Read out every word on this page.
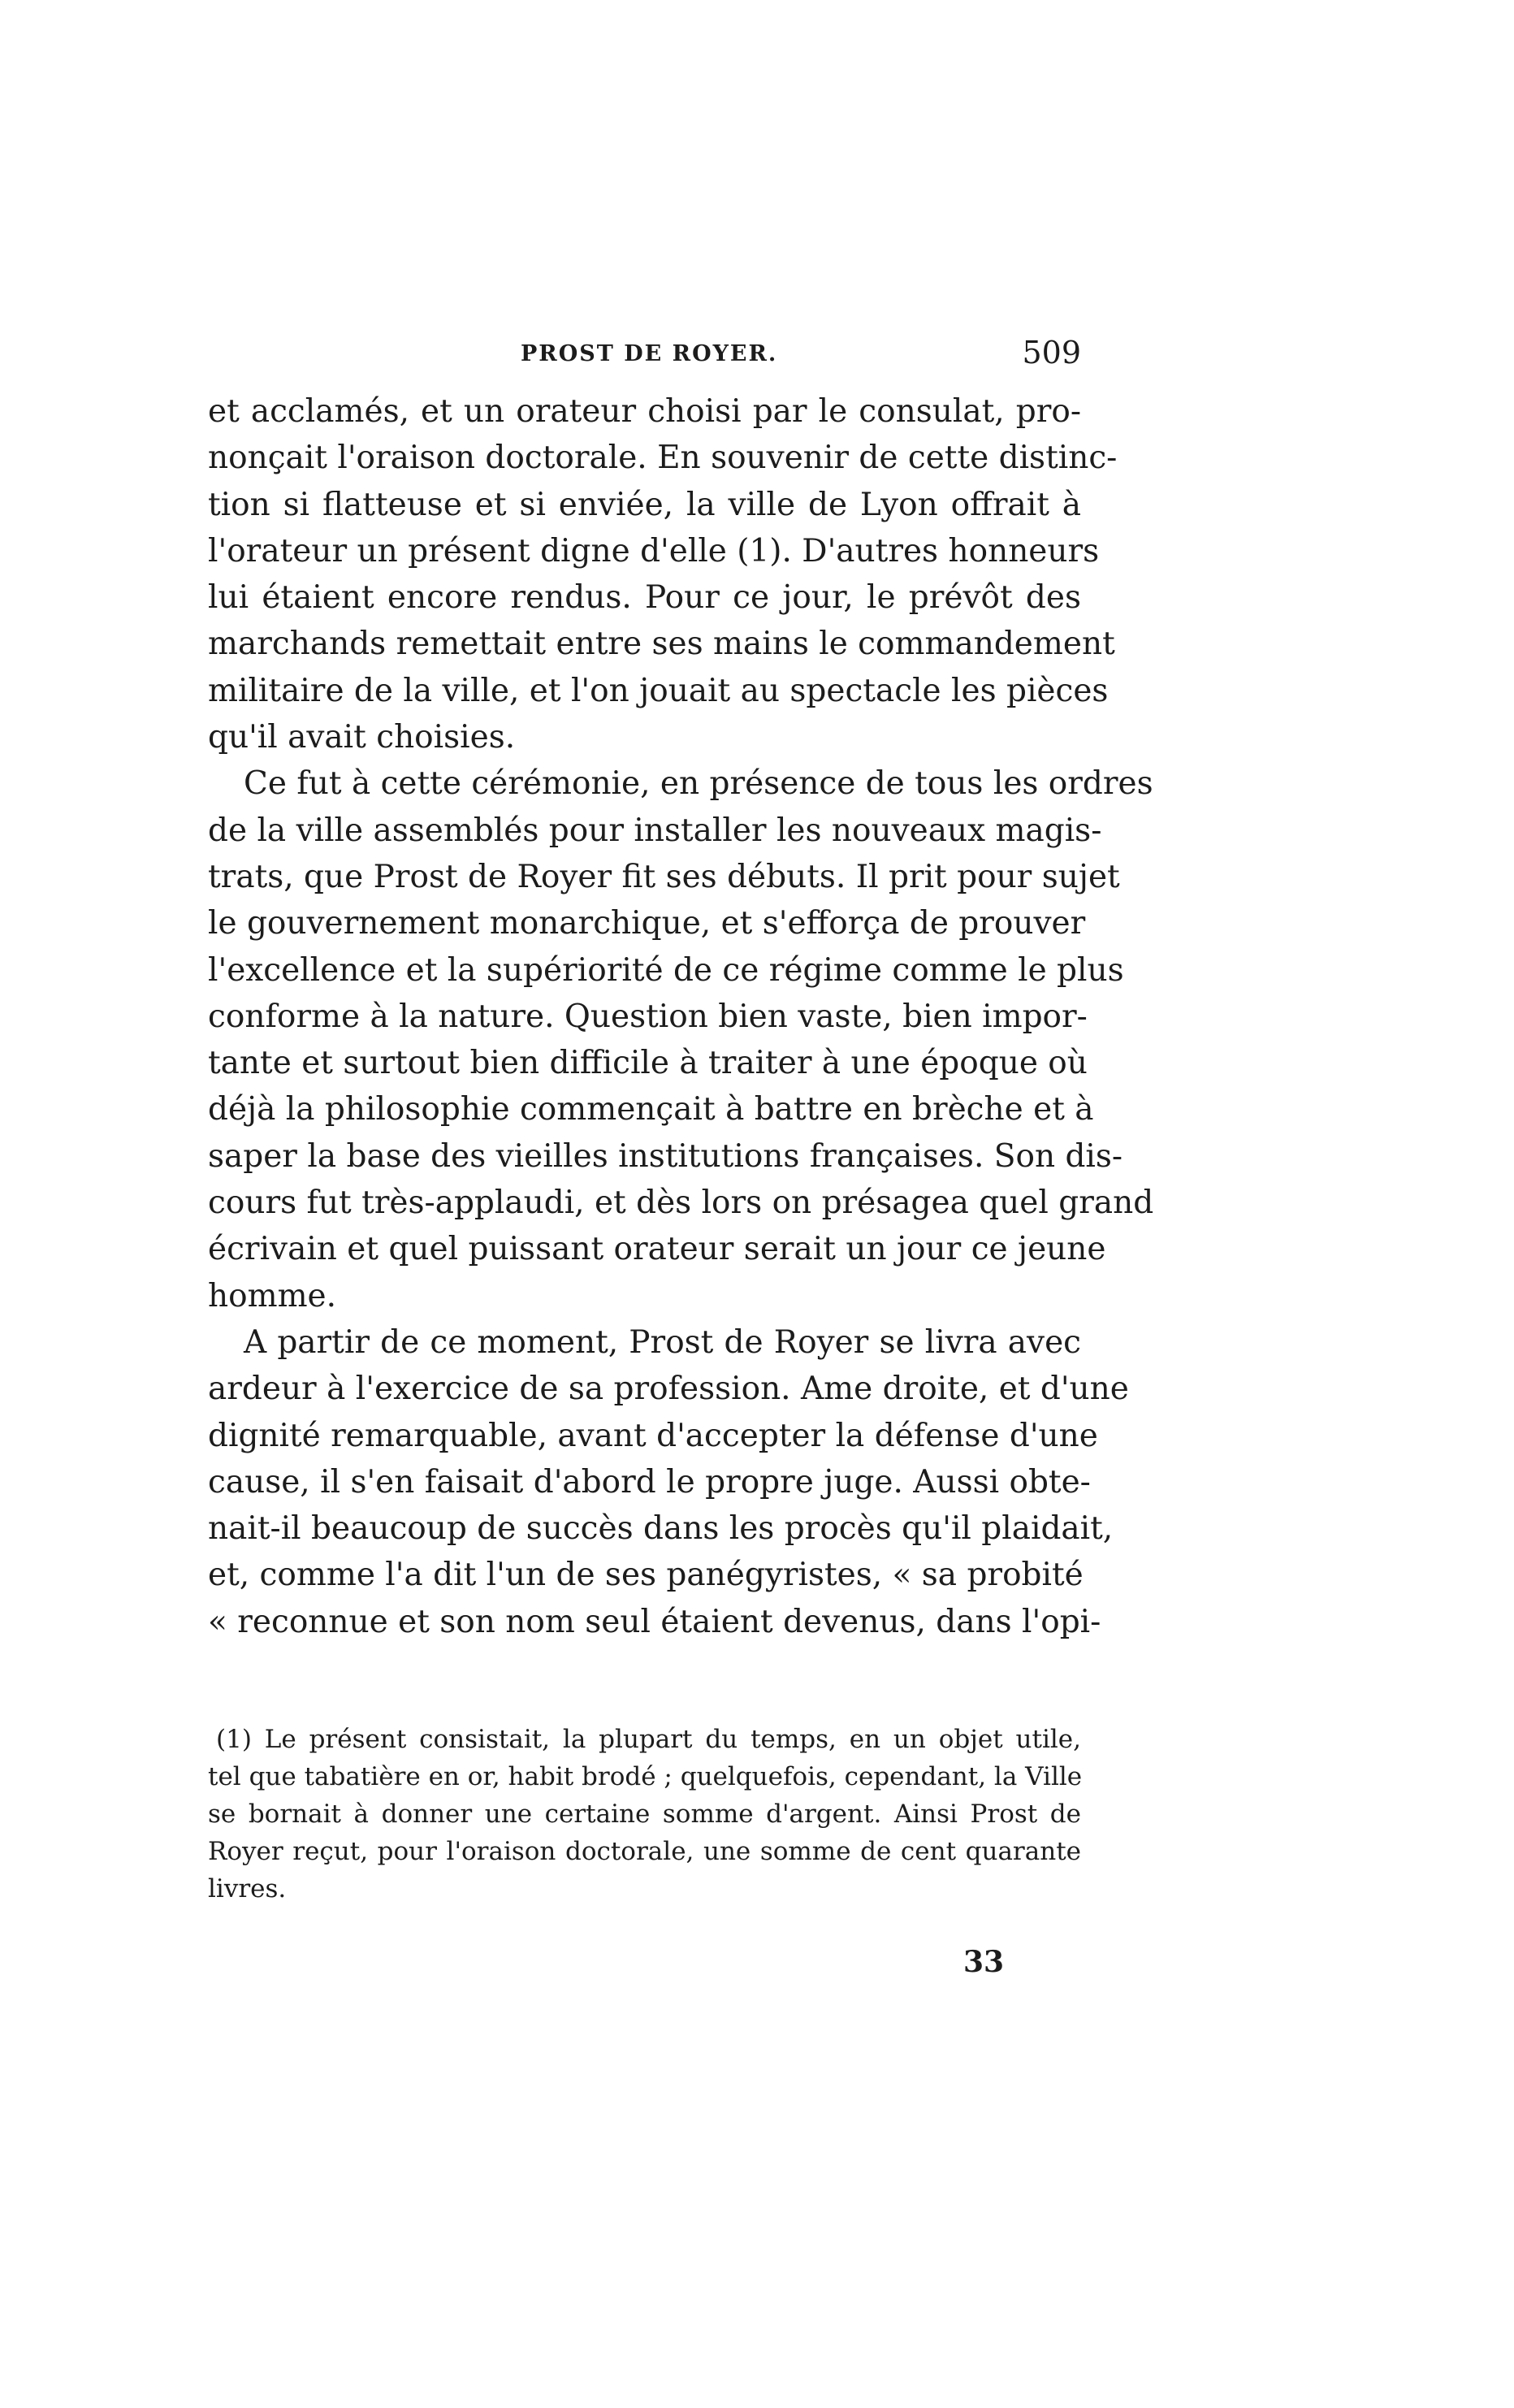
PROST DE ROYER.	509
et acclamés, et un orateur choisi par le consulat, pro-
nonçait l'oraison doctorale. En souvenir de cette distinc-
tion si flatteuse et si enviée, la ville de Lyon offrait à
l'orateur un présent digne d'elle (1). D'autres honneurs
lui étaient encore rendus. Pour ce jour, le prévôt des
marchands remettait entre ses mains le commandement
militaire de la ville, et l'on jouait au spectacle les pièces
qu'il avait choisies.
Ce fut à cette cérémonie, en présence de tous les ordres
de la ville assemblés pour installer les nouveaux magis-
trats, que Prost de Royer fit ses débuts. Il prit pour sujet
le gouvernement monarchique, et s'efforça de prouver
l'excellence et la supériorité de ce régime comme le plus
conforme à la nature. Question bien vaste, bien impor-
tante et surtout bien difficile à traiter à une époque où
déjà la philosophie commençait à battre en brèche et à
saper la base des vieilles institutions françaises. Son dis-
cours fut très-applaudi, et dès lors on présagea quel grand
écrivain et quel puissant orateur serait un jour ce jeune
homme.
A partir de ce moment, Prost de Royer se livra avec
ardeur à l'exercice de sa profession. Ame droite, et d'une
dignité remarquable, avant d'accepter la défense d'une
cause, il s'en faisait d'abord le propre juge. Aussi obte-
nait-il beaucoup de succès dans les procès qu'il plaidait,
et, comme l'a dit l'un de ses panégyristes, « sa probité
« reconnue et son nom seul étaient devenus, dans l'opi-
(1) Le présent consistait, la plupart du temps, en un objet utile,
tel que tabatière en or, habit brodé ; quelquefois, cependant, la Ville
se bornait à donner une certaine somme d'argent. Ainsi Prost de
Royer reçut, pour l'oraison doctorale, une somme de cent quarante
livres.
33
